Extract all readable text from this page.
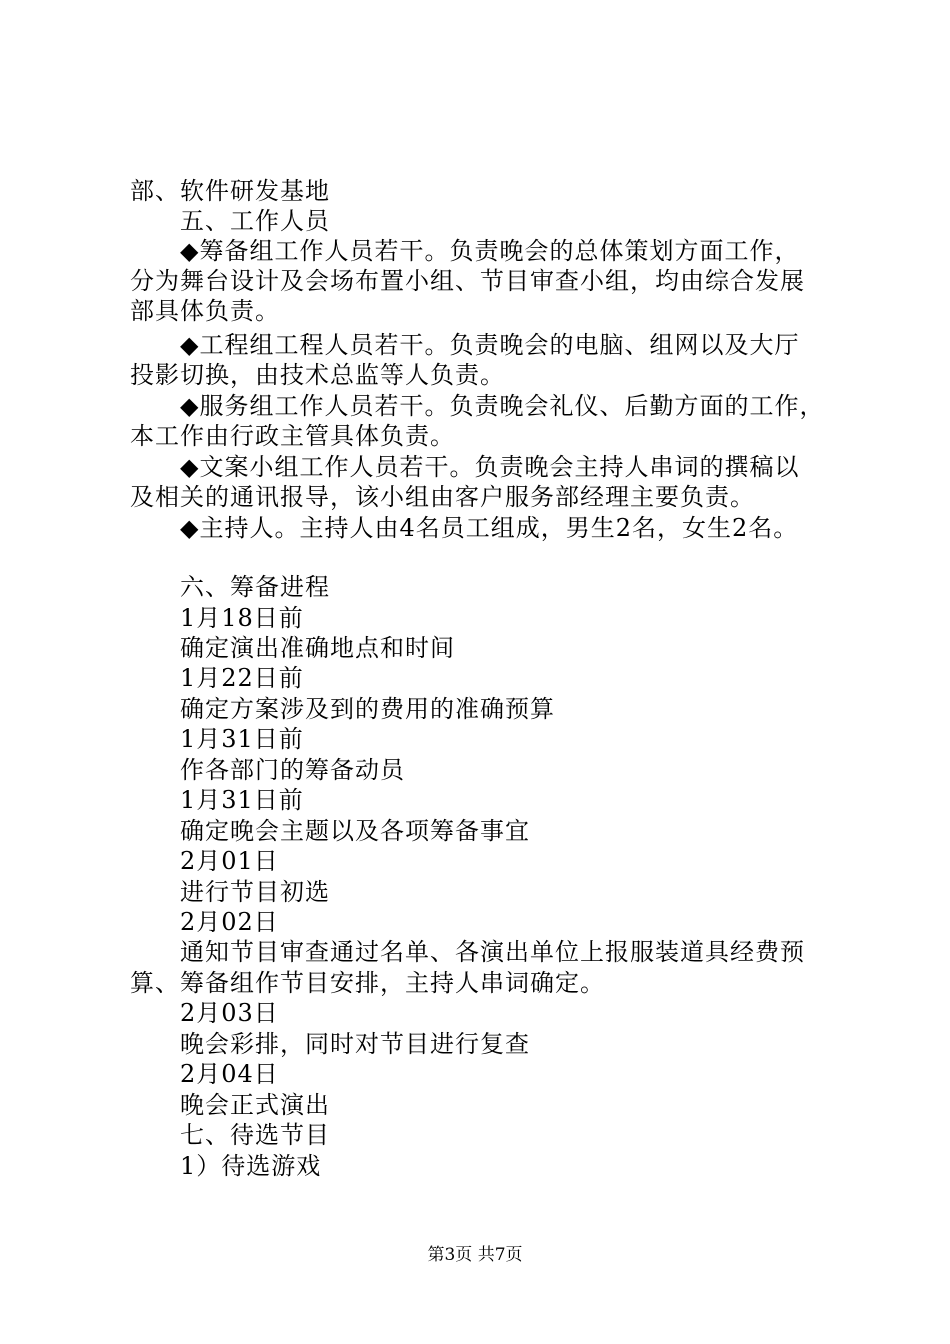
部、软件研发基地
五、工作人员
◆筹备组工作人员若干。负责晚会的总体策划方面工作，
分为舞台设计及会场布置小组、节目审查小组，均由综合发展
部具体负责。
◆工程组工程人员若干。负责晚会的电脑、组网以及大厅
投影切换，由技术总监等人负责。
◆服务组工作人员若干。负责晚会礼仪、后勤方面的工作，
本工作由行政主管具体负责。
◆文案小组工作人员若干。负责晚会主持人串词的撰稿以
及相关的通讯报导，该小组由客户服务部经理主要负责。
◆主持人。主持人由4名员工组成，男生2名，女生2名。
六、筹备进程
1月18日前
确定演出准确地点和时间
1月22日前
确定方案涉及到的费用的准确预算
1月31日前
作各部门的筹备动员
1月31日前
确定晚会主题以及各项筹备事宜
2月01日
进行节目初选
2月02日
通知节目审查通过名单、各演出单位上报服装道具经费预
算、筹备组作节目安排，主持人串词确定。
2月03日
晚会彩排，同时对节目进行复查
2月04日
晚会正式演出
七、待选节目
1）待选游戏
第3页 共7页
